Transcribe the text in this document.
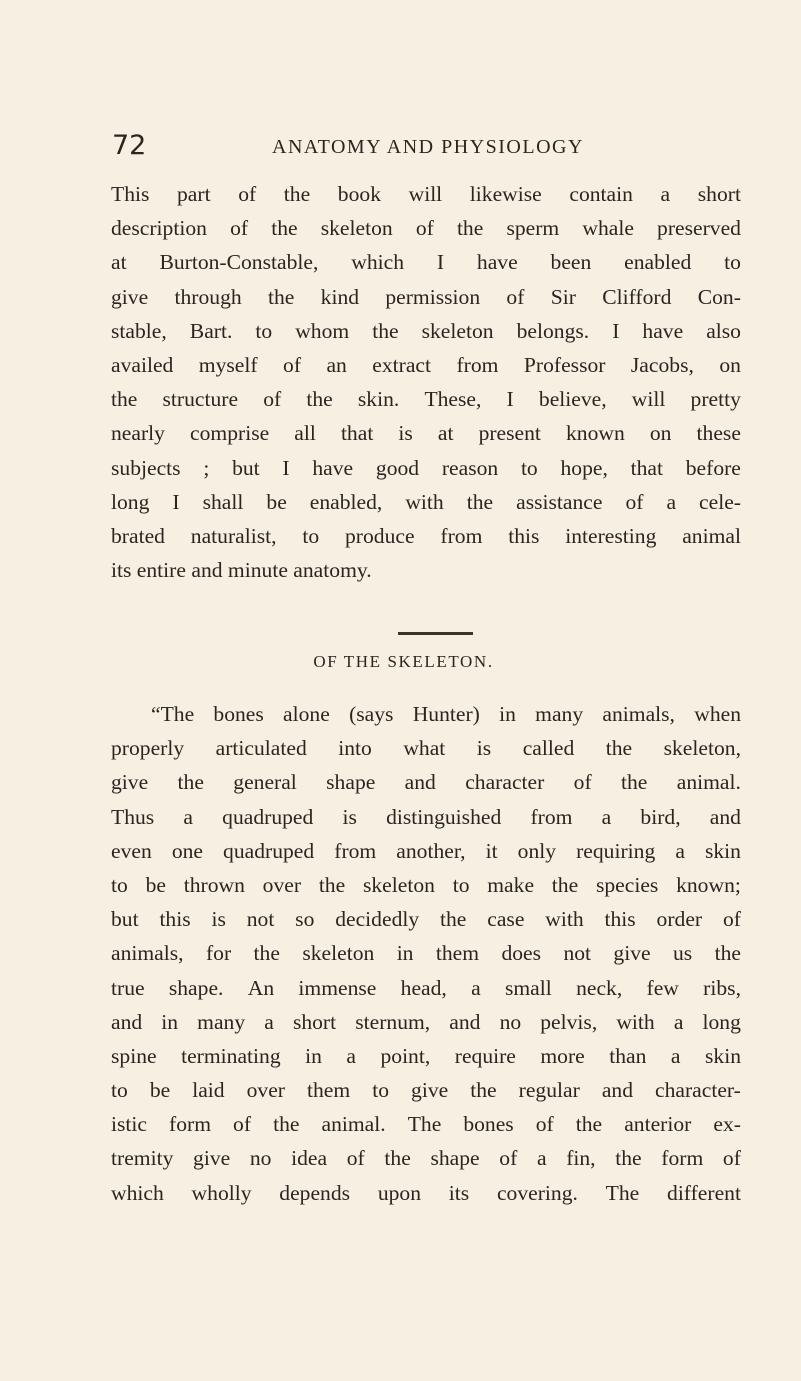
72	ANATOMY AND PHYSIOLOGY
This part of the book will likewise contain a short
description of the skeleton of the sperm whale preserved
at Burton-Constable, which I have been enabled to
give through the kind permission of Sir Clifford Con-
stable, Bart. to whom the skeleton belongs. I have also
availed myself of an extract from Professor Jacobs, on
the structure of the skin. These, I believe, will pretty
nearly comprise all that is at present known on these
subjects ; but I have good reason to hope, that before
long I shall be enabled, with the assistance of a cele-
brated naturalist, to produce from this interesting animal
its entire and minute anatomy.
OF THE SKELETON.
“The bones alone (says Hunter) in many animals, when
properly articulated into what is called the skeleton,
give the general shape and character of the animal.
Thus a quadruped is distinguished from a bird, and
even one quadruped from another, it only requiring a skin
to be thrown over the skeleton to make the species known;
but this is not so decidedly the case with this order of
animals, for the skeleton in them does not give us the
true shape. An immense head, a small neck, few ribs,
and in many a short sternum, and no pelvis, with a long
spine terminating in a point, require more than a skin
to be laid over them to give the regular and character-
istic form of the animal. The bones of the anterior ex-
tremity give no idea of the shape of a fin, the form of
which wholly depends upon its covering. The different
